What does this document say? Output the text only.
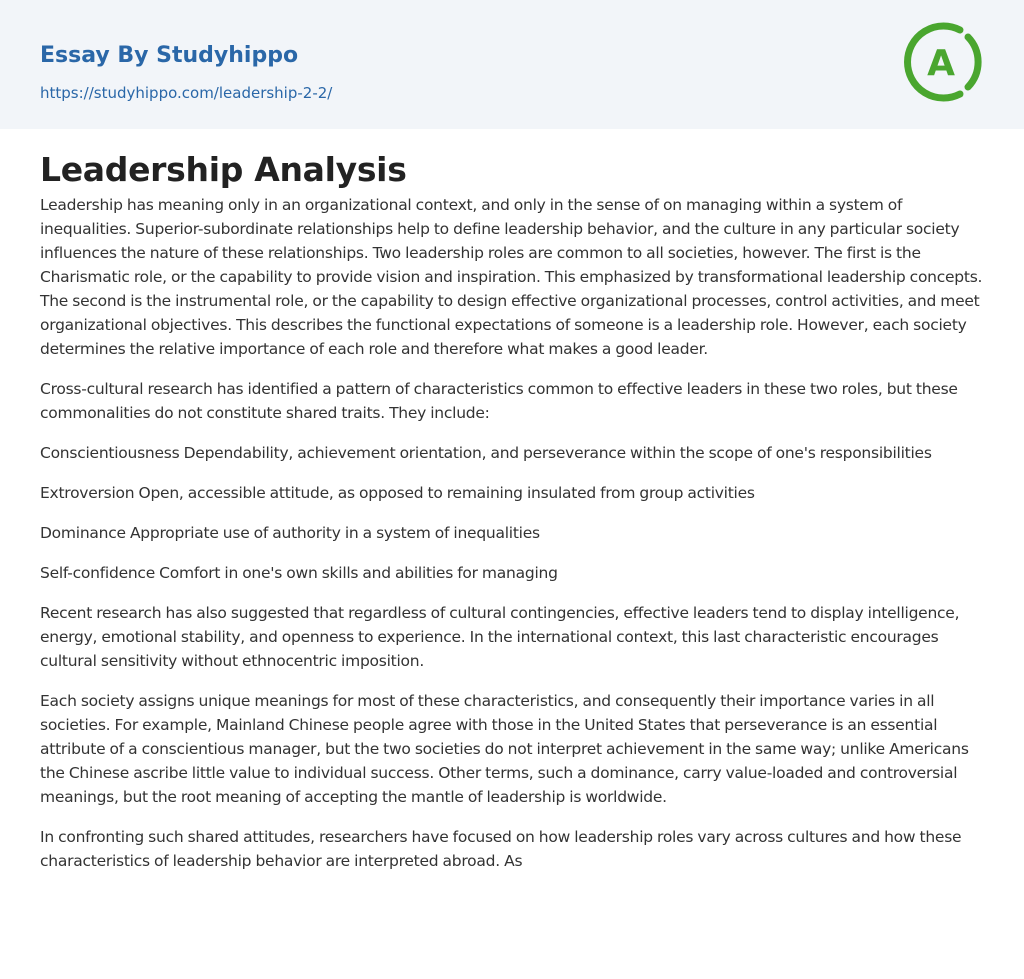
Essay By Studyhippo
https://studyhippo.com/leadership-2-2/
A
Leadership Analysis

Leadership has meaning only in an organizational context, and only in the sense of on managing within a system of inequalities. Superior-subordinate relationships help to define leadership behavior, and the culture in any particular society influences the nature of these relationships. Two leadership roles are common to all societies, however. The first is the Charismatic role, or the capability to provide vision and inspiration. This emphasized by transformational leadership concepts. The second is the instrumental role, or the capability to design effective organizational processes, control activities, and meet organizational objectives. This describes the functional expectations of someone is a leadership role. However, each society determines the relative importance of each role and therefore what makes a good leader.

Cross-cultural research has identified a pattern of characteristics common to effective leaders in these two roles, but these commonalities do not constitute shared traits. They include:

Conscientiousness Dependability, achievement orientation, and perseverance within the scope of one's responsibilities

Extroversion Open, accessible attitude, as opposed to remaining insulated from group activities

Dominance Appropriate use of authority in a system of inequalities

Self-confidence Comfort in one's own skills and abilities for managing

Recent research has also suggested that regardless of cultural contingencies, effective leaders tend to display intelligence, energy, emotional stability, and openness to experience. In the international context, this last characteristic encourages cultural sensitivity without ethnocentric imposition.

Each society assigns unique meanings for most of these characteristics, and consequently their importance varies in all societies. For example, Mainland Chinese people agree with those in the United States that perseverance is an essential attribute of a conscientious manager, but the two societies do not interpret achievement in the same way; unlike Americans the Chinese ascribe little value to individual success. Other terms, such a dominance, carry value-loaded and controversial meanings, but the root meaning of accepting the mantle of leadership is worldwide.

In confronting such shared attitudes, researchers have focused on how leadership roles vary across cultures and how these characteristics of leadership behavior are interpreted abroad. As
